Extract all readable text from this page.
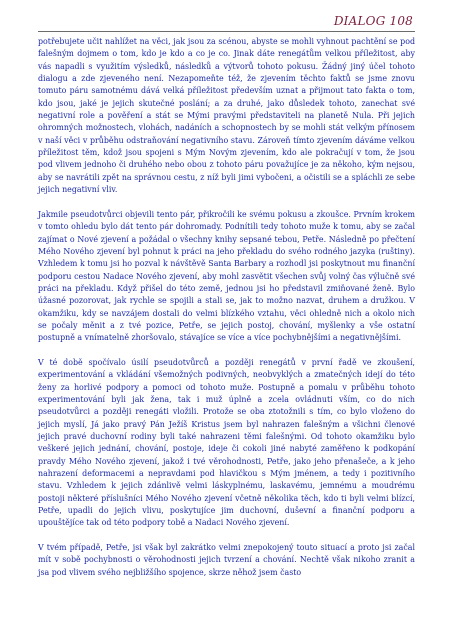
DIALOG 108

potřebujete učit nahlížet na věci, jak jsou za scénou, abyste se mohli vyhnout pachtění se pod falešným dojmem o tom, kdo je kdo a co je co. Jinak dáte renegátům velkou příležitost, aby vás napadli s využitím výsledků, následků a výtvorů tohoto pokusu. Žádný jiný účel tohoto dialogu a zde zjeveného není. Nezapomeňte též, že zjevením těchto faktů se jsme znovu tomuto páru samotnému dává velká příležitost především uznat a přijmout tato fakta o tom, kdo jsou, jaké je jejich skutečné poslání; a za druhé, jako důsledek tohoto, zanechat své negativní role a pověření a stát se Mými pravými představiteli na planetě Nula. Při jejich ohromných možnostech, vlohách, nadáních a schopnostech by se mohli stát velkým přínosem v naší věci v průběhu odstraňování negativního stavu. Zároveň tímto zjevením dáváme velkou příležitost těm, kdož jsou spojeni s Mým Novým zjevením, kdo ale pokračují v tom, že jsou pod vlivem jednoho či druhého nebo obou z tohoto páru považujíce je za někoho, kým nejsou, aby se navrátili zpět na správnou cestu, z níž byli jimi vybočeni, a očistili se a spláchli ze sebe jejich negativní vliv.

Jakmile pseudotvůrci objevili tento pár, přikročili ke svému pokusu a zkoušce. Prvním krokem v tomto ohledu bylo dát tento pár dohromady. Podnítili tedy tohoto muže k tomu, aby se začal zajímat o Nové zjevení a požádal o všechny knihy sepsané tebou, Petře. Následně po přečtení Mého Nového zjevení byl pohnut k práci na jeho překladu do svého rodného jazyka (ruštiny). Vzhledem k tomu jsi ho pozval k návštěvě Santa Barbary a rozhodl jsi poskytnout mu finanční podporu cestou Nadace Nového zjevení, aby mohl zasvětit všechen svůj volný čas výlučně své práci na překladu. Když přišel do této země, jednou jsi ho představil zmiňované ženě. Bylo úžasné pozorovat, jak rychle se spojili a stali se, jak to možno nazvat, druhem a družkou. V okamžiku, kdy se navzájem dostali do velmi blízkého vztahu, věci ohledně nich a okolo nich se počaly měnit a z tvé pozice, Petře, se jejich postoj, chování, myšlenky a vše ostatní postupně a vnímatelně zhoršovalo, stávajíce se více a více pochybnějšími a negativnějšími.

V té době spočívalo úsilí pseudotvůrců a později renegátů v první řadě ve zkoušení, experimentování a vkládání všemožných podivných, neobvyklých a zmatečných idejí do této ženy za horlivé podpory a pomoci od tohoto muže. Postupně a pomalu v průběhu tohoto experimentování byli jak žena, tak i muž úplně a zcela ovládnuti vším, co do nich pseudotvůrci a později renegáti vložili. Protože se oba ztotožnili s tím, co bylo vloženo do jejich myslí, Já jako pravý Pán Ježíš Kristus jsem byl nahrazen falešným a všichni členové jejich pravé duchovní rodiny byli také nahrazeni těmi falešnými. Od tohoto okamžiku bylo veškeré jejich jednání, chování, postoje, ideje či cokoli jiné nabyté zaměřeno k podkopání pravdy Mého Nového zjevení, jakož i tvé věrohodnosti, Petře, jako jeho přenašeče, a k jeho nahrazení deformacemi a nepravdami pod hlavičkou s Mým jménem, a tedy i pozitivního stavu. Vzhledem k jejich zdánlivě velmi láskyplnému, laskavému, jemnému a moudrému postoji některé příslušníci Mého Nového zjevení včetně několika těch, kdo ti byli velmi blízcí, Petře, upadli do jejich vlivu, poskytujíce jim duchovní, duševní a finanční podporu a upouštějíce tak od této podpory tobě a Nadaci Nového zjevení.

V tvém případě, Petře, jsi však byl zakrátko velmi znepokojený touto situací a proto jsi začal mít v sobě pochybnosti o věrohodnosti jejich tvrzení a chování. Nechtě však nikoho zranit a jsa pod vlivem svého nejbližšího spojence, skrze něhož jsem často
